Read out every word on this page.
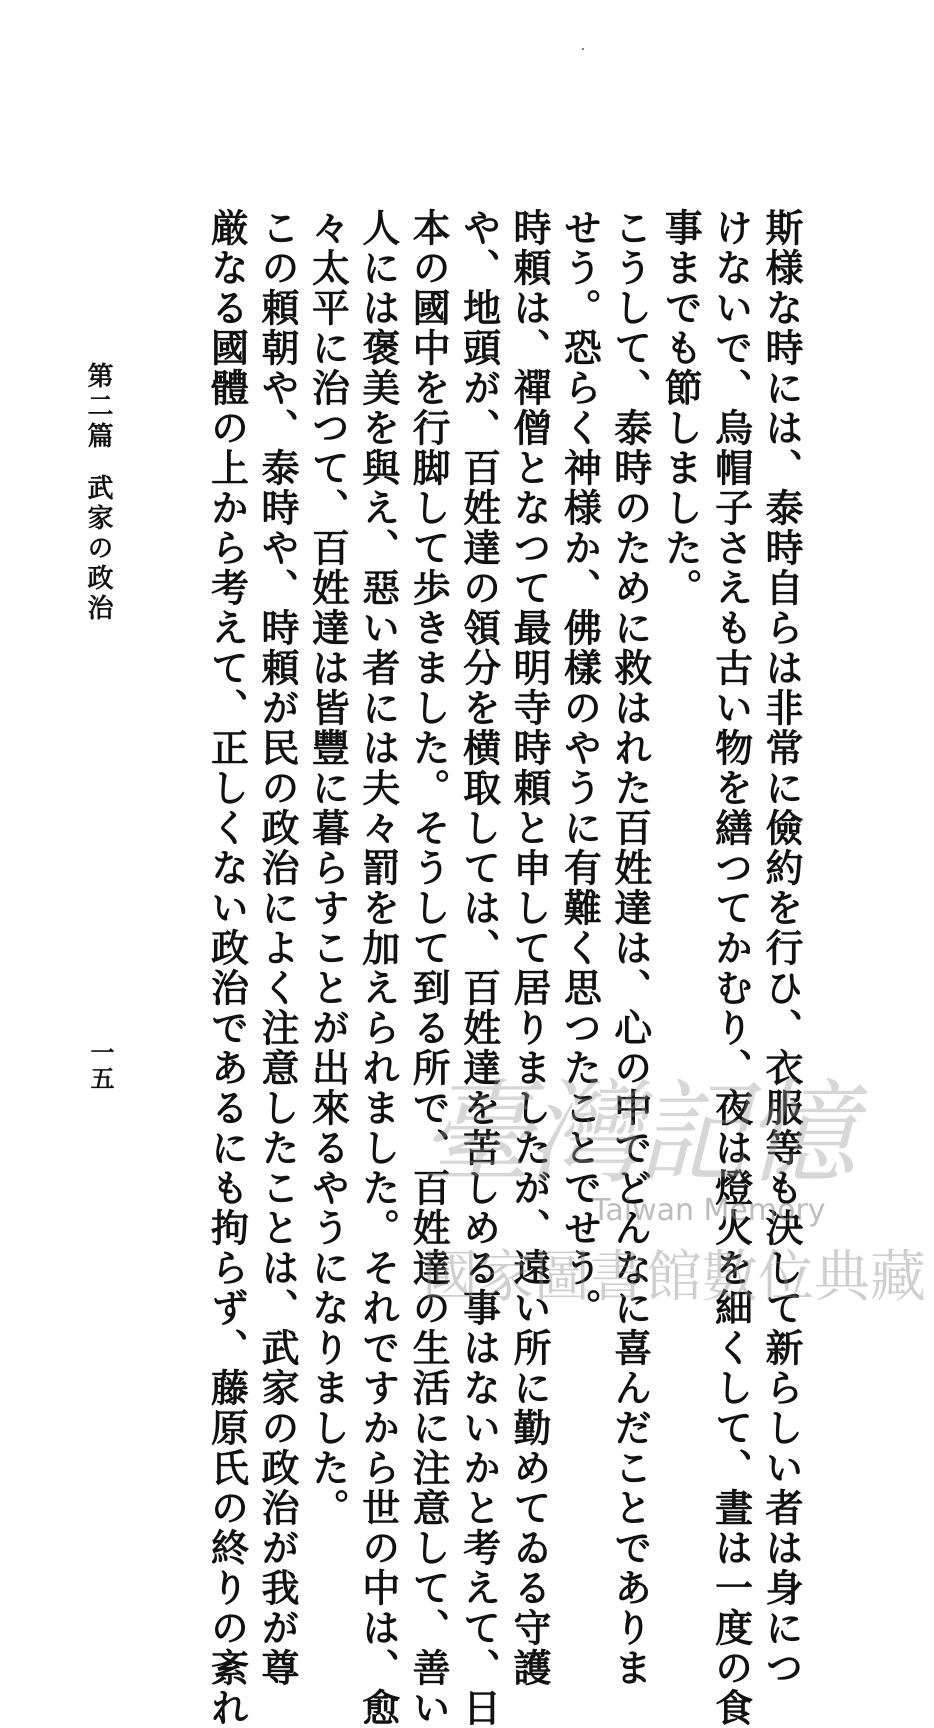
斯様な時には、泰時自らは非常に儉約を行ひ、衣服等も決して新らしい者は身につ
けないで、烏帽子さえも古い物を繕つてかむり、夜は燈火を細くして、晝は一度の食
事までも節しました。
こうして、泰時のために救はれた百姓達は、心の中でどんなに喜んだことでありま
せう。恐らく神様か、佛樣のやうに有難く思つたことでせう。
時頼は、禪僧となつて最明寺時頼と申して居りましたが、遠い所に勤めてゐる守護
や、地頭が、百姓達の領分を横取しては、百姓達を苦しめる事はないかと考えて、日
本の國中を行脚して歩きました。そうして到る所で、百姓達の生活に注意して、善い
人には褒美を與え、惡い者には夫々罰を加えられました。それですから世の中は、愈
々太平に治つて、百姓達は皆豐に暮らすことが出來るやうになりました。
この頼朝や、泰時や、時頼が民の政治によく注意したことは、武家の政治が我が尊
厳なる國體の上から考えて、正しくない政治であるにも拘らず、藤原氏の終りの紊れ
第二篇武家の政治
一五
臺灣記憶
Taiwan Memory
國家圖書館數位典藏
